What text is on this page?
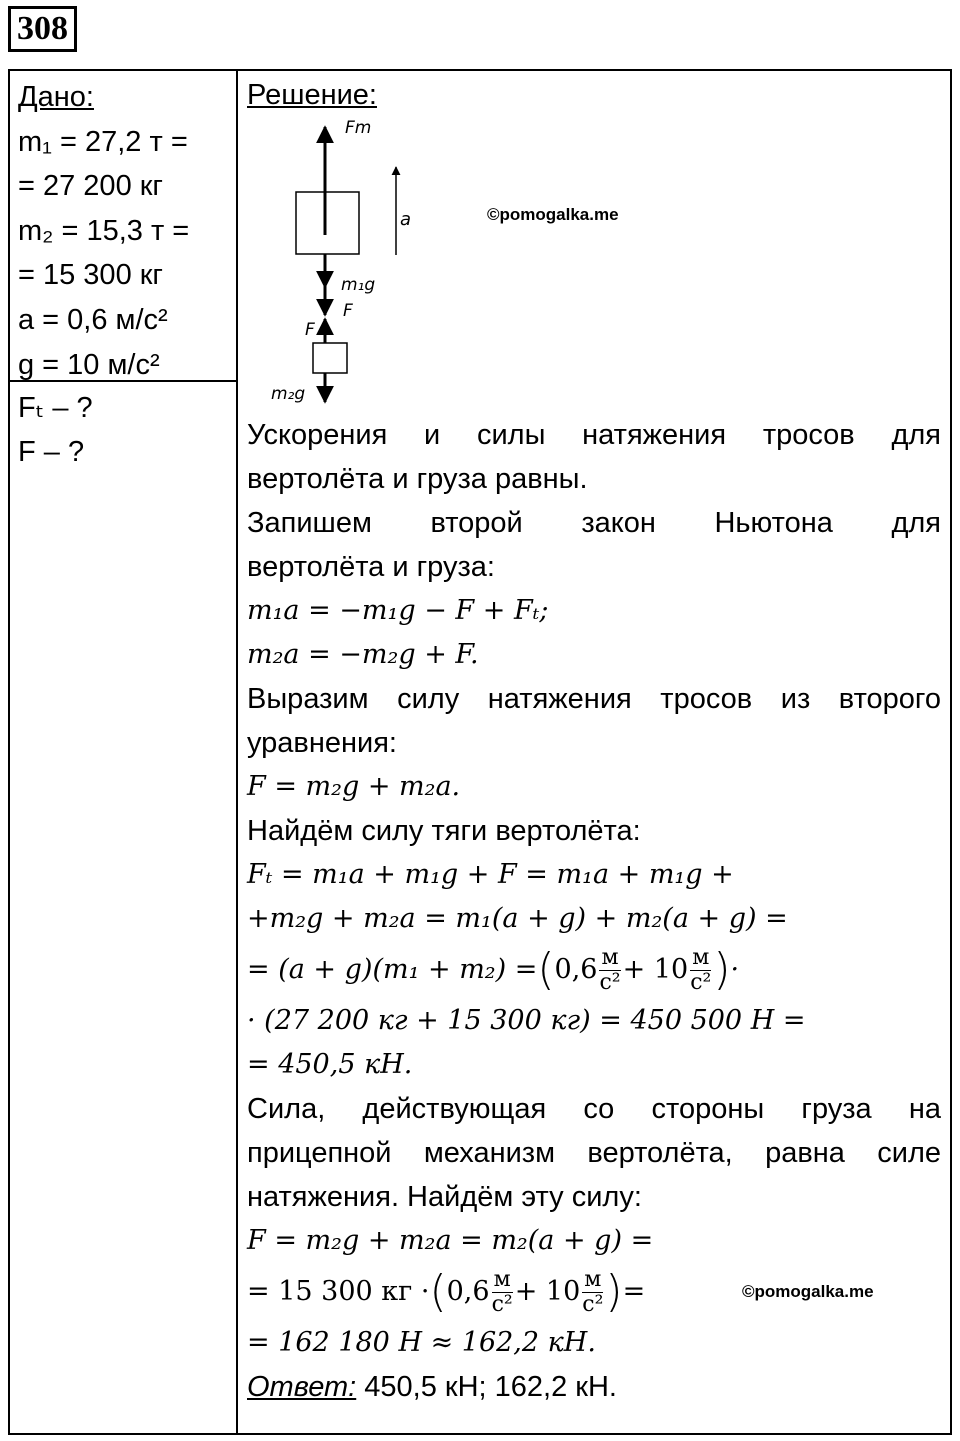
308
Дано:
m₁ = 27,2 т =
= 27 200 кг
m₂ = 15,3 т =
= 15 300 кг
a = 0,6 м/с²
g = 10 м/с²
Fₜ – ?
F – ?
Решение:
Fm
a
m₁g
F
F
m₂g
©pomogalka.me
Ускорения и силы натяжения тросов для
вертолёта и груза равны.
Запишем второй закон Ньютона для
вертолёта и груза:
m₁a = −m₁g − F + Fₜ;
m₂a = −m₂g + F.
Выразим силу натяжения тросов из второго
уравнения:
F = m₂g + m₂a.
Найдём силу тяги вертолёта:
Fₜ = m₁a + m₁g + F = m₁a + m₁g +
+m₂g + m₂a = m₁(a + g) + m₂(a + g) =
= (a + g)(m₁ + m₂) = ( $0,6 \frac{м}{\text{с²}} + 10 \frac{м}{\text{с²}}$ ) ·
· (27 200 кг + 15 300 кг) = 450 500 Н =
= 450,5 кН.
Сила, действующая со стороны груза на
прицепной механизм вертолёта, равна силе
натяжения. Найдём эту силу:
F = m₂g + m₂a = m₂(a + g) =
= 15 300 кг · ( $0,6 \frac{м}{\text{с²}} + 10 \frac{м}{\text{с²}}$ ) =
= 162 180 Н ≈ 162,2 кН.
Ответ: 450,5 кН; 162,2 кН.
©pomogalka.me
